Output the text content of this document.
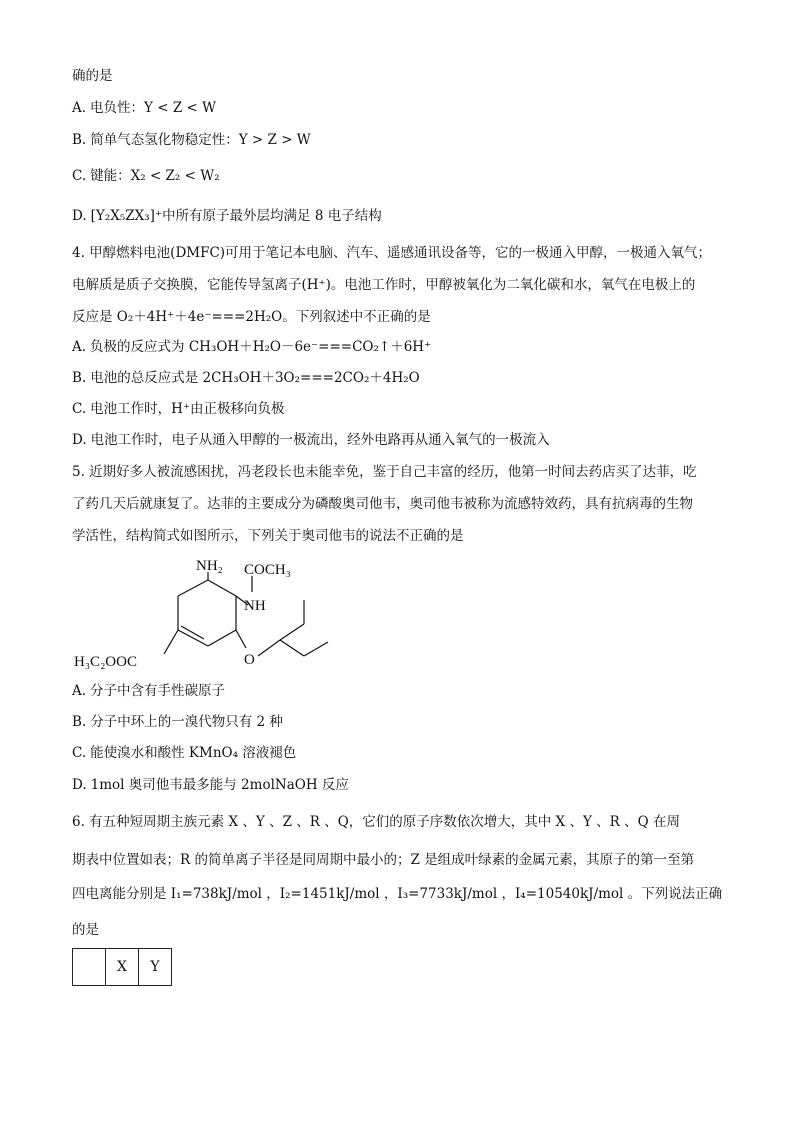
确的是
A. 电负性：Y < Z < W
B. 简单气态氢化物稳定性：Y > Z > W
C. 键能：X₂ < Z₂ < W₂
D. [Y₂X₅ZX₃]⁺中所有原子最外层均满足 8 电子结构
4. 甲醇燃料电池(DMFC)可用于笔记本电脑、汽车、遥感通讯设备等，它的一极通入甲醇，一极通入氧气；
电解质是质子交换膜，它能传导氢离子(H⁺)。电池工作时，甲醇被氧化为二氧化碳和水，氧气在电极上的
反应是 O₂＋4H⁺＋4e⁻===2H₂O。下列叙述中不正确的是
A. 负极的反应式为 CH₃OH＋H₂O－6e⁻===CO₂↑＋6H⁺
B. 电池的总反应式是 2CH₃OH＋3O₂===2CO₂＋4H₂O
C. 电池工作时，H⁺由正极移向负极
D. 电池工作时，电子从通入甲醇的一极流出，经外电路再从通入氧气的一极流入
5. 近期好多人被流感困扰，冯老段长也未能幸免，鉴于自己丰富的经历，他第一时间去药店买了达菲，吃
了药几天后就康复了。达菲的主要成分为磷酸奥司他韦，奥司他韦被称为流感特效药，具有抗病毒的生物
学活性，结构简式如图所示，下列关于奥司他韦的说法不正确的是
NH₂
NH
COCH₃
O
H₃C₂OOC
A. 分子中含有手性碳原子
B. 分子中环上的一溴代物只有 2 种
C. 能使溴水和酸性 KMnO₄ 溶液褪色
D. 1mol 奥司他韦最多能与 2molNaOH 反应
6. 有五种短周期主族元素 X 、Y 、Z 、R 、Q，它们的原子序数依次增大，其中 X 、Y 、R 、Q 在周
期表中位置如表；R 的简单离子半径是同周期中最小的；Z 是组成叶绿素的金属元素，其原子的第一至第
四电离能分别是 I₁=738kJ/mol ，I₂=1451kJ/mol ，I₃=7733kJ/mol ，I₄=10540kJ/mol 。下列说法正确
的是
	X	Y
